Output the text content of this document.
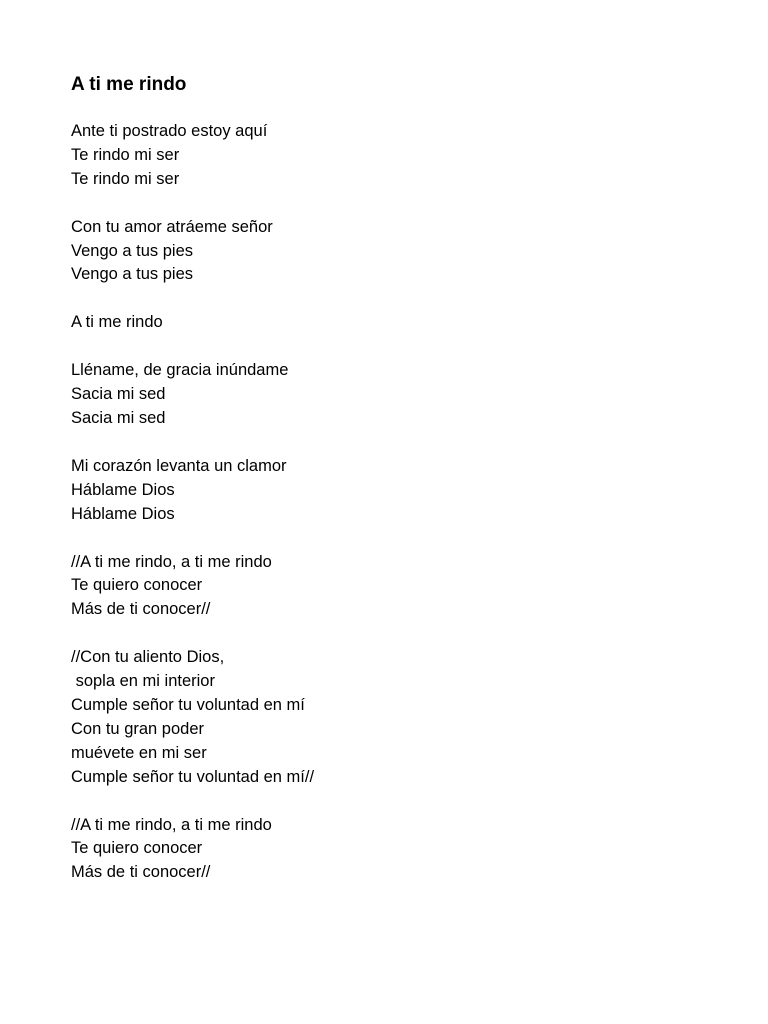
A ti me rindo
Ante ti postrado estoy aquí
Te rindo mi ser
Te rindo mi ser
Con tu amor atráeme señor
Vengo a tus pies
Vengo a tus pies
A ti me rindo
Lléname, de gracia inúndame
Sacia mi sed
Sacia mi sed
Mi corazón levanta un clamor
Háblame Dios
Háblame Dios
//A ti me rindo, a ti me rindo
Te quiero conocer
Más de ti conocer//
//Con tu aliento Dios,
sopla en mi interior
Cumple señor tu voluntad en mí
Con tu gran poder
muévete en mi ser
Cumple señor tu voluntad en mí//
//A ti me rindo, a ti me rindo
Te quiero conocer
Más de ti conocer//
